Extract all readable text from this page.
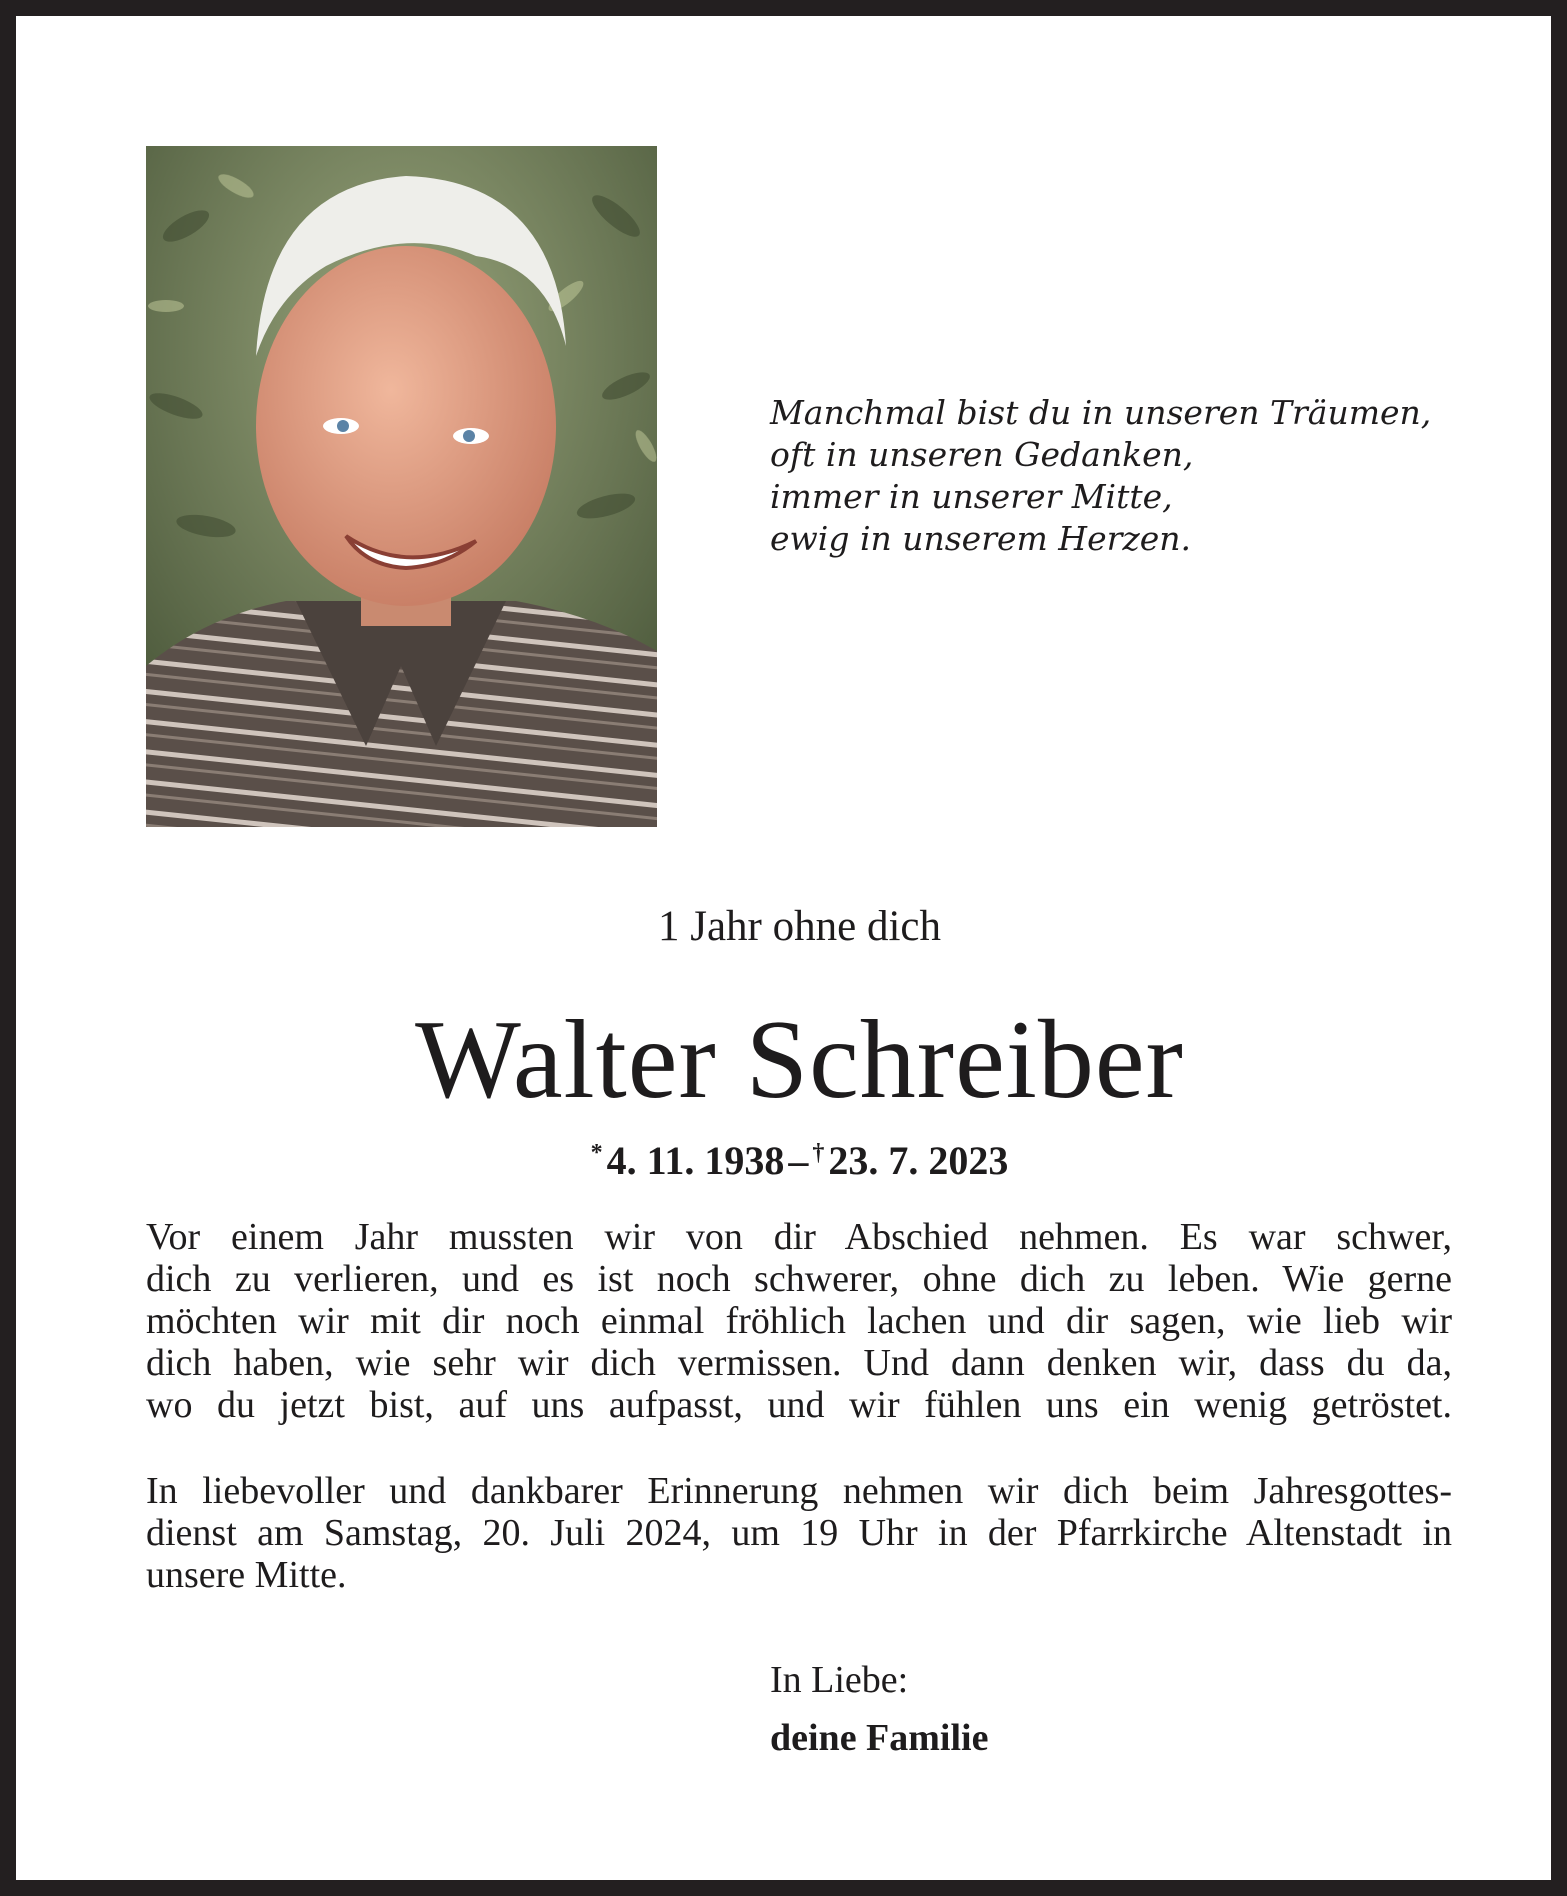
Manchmal bist du in unseren Träumen,
oft in unseren Gedanken,
immer in unserer Mitte,
ewig in unserem Herzen.
1 Jahr ohne dich
Walter Schreiber
* 4. 11. 1938 – † 23. 7. 2023
Vor einem Jahr mussten wir von dir Abschied nehmen. Es war schwer,
dich zu verlieren, und es ist noch schwerer, ohne dich zu leben. Wie gerne
möchten wir mit dir noch einmal fröhlich lachen und dir sagen, wie lieb wir
dich haben, wie sehr wir dich vermissen. Und dann denken wir, dass du da,
wo du jetzt bist, auf uns aufpasst, und wir fühlen uns ein wenig getröstet.
In liebevoller und dankbarer Erinnerung nehmen wir dich beim Jahresgottes-
dienst am Samstag, 20. Juli 2024, um 19 Uhr in der Pfarrkirche Altenstadt in
unsere Mitte.
In Liebe:
deine Familie
